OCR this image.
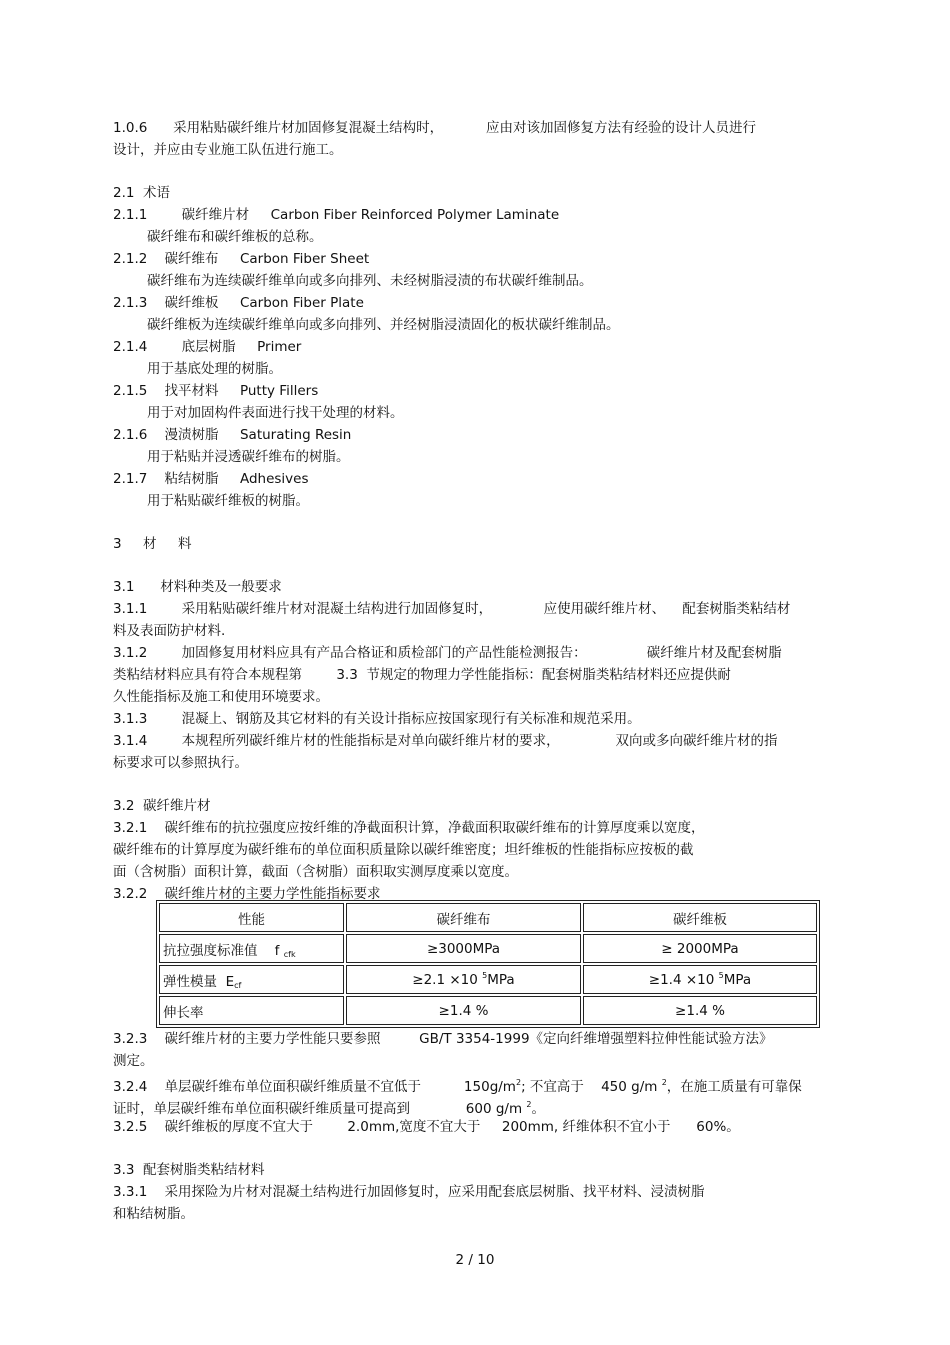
1.0.6      采用粘贴碳纤维片材加固修复混凝土结构时，          应由对该加固修复方法有经验的设计人员进行
设计，并应由专业施工队伍进行施工。
2.1  术语
2.1.1        碳纤维片材     Carbon Fiber Reinforced Polymer Laminate
碳纤维布和碳纤维板的总称。
2.1.2    碳纤维布     Carbon Fiber Sheet
碳纤维布为连续碳纤维单向或多向排列、未经树脂浸渍的布状碳纤维制品。
2.1.3    碳纤维板     Carbon Fiber Plate
碳纤维板为连续碳纤维单向或多向排列、并经树脂浸渍固化的板状碳纤维制品。
2.1.4        底层树脂     Primer
用于基底处理的树脂。
2.1.5    找平材料     Putty Fillers
用于对加固构件表面进行找干处理的材料。
2.1.6    漫渍树脂     Saturating Resin
用于粘贴并浸透碳纤维布的树脂。
2.1.7    粘结树脂     Adhesives
用于粘贴碳纤维板的树脂。
3     材     料
3.1      材料种类及一般要求
3.1.1        采用粘贴碳纤维片材对混凝土结构进行加固修复时，            应使用碳纤维片材、    配套树脂类粘结材
料及表面防护材料.
3.1.2        加固修复用材料应具有产品合格证和质检部门的产品性能检测报告：              碳纤维片材及配套树脂
类粘结材料应具有符合本规程第        3.3  节规定的物理力学性能指标：配套树脂类粘结材料还应提供耐
久性能指标及施工和使用环境要求。
3.1.3        混凝上、钢筋及其它材料的有关设计指标应按国家现行有关标准和规范采用。
3.1.4        本规程所列碳纤维片材的性能指标是对单向碳纤维片材的要求，             双向或多向碳纤维片材的指
标要求可以参照执行。
3.2  碳纤维片材
3.2.1    碳纤维布的抗拉强度应按纤维的净截面积计算，净截面积取碳纤维布的计算厚度乘以宽度，
碳纤维布的计算厚度为碳纤维布的单位面积质量除以碳纤维密度；坦纤维板的性能指标应按板的截
面（含树脂）面积计算，截面（含树脂）面积取实测厚度乘以宽度。
3.2.2    碳纤维片材的主要力学性能指标要求
性能	碳纤维布	碳纤维板
抗拉强度标准值 f $_{cfk}$	≥3000MPa	≥ 2000MPa
弹性模量 $E_{cf}$	≥2.1 ×10 $^5$MPa	≥1.4 ×10 $^5$MPa
伸长率	≥1.4 %	≥1.4 %
3.2.3    碳纤维片材的主要力学性能只要参照         GB/T 3354-1999《定向纤维增强塑料拉伸性能试验方法》
测定。
3.2.4    单层碳纤维布单位面积碳纤维质量不宜低于          $150g/m^2$; 不宜高于    450 g/m $^2$，在施工质量有可靠保
证时，单层碳纤维布单位面积碳纤维质量可提高到             600 g/m $^2$。
3.2.5    碳纤维板的厚度不宜大于        2.0mm,宽度不宜大于     200mm, 纤维体积不宜小于      60%。
3.3  配套树脂类粘结材料
3.3.1    采用探险为片材对混凝土结构进行加固修复时，应采用配套底层树脂、找平材料、浸渍树脂
和粘结树脂。
2 / 10
